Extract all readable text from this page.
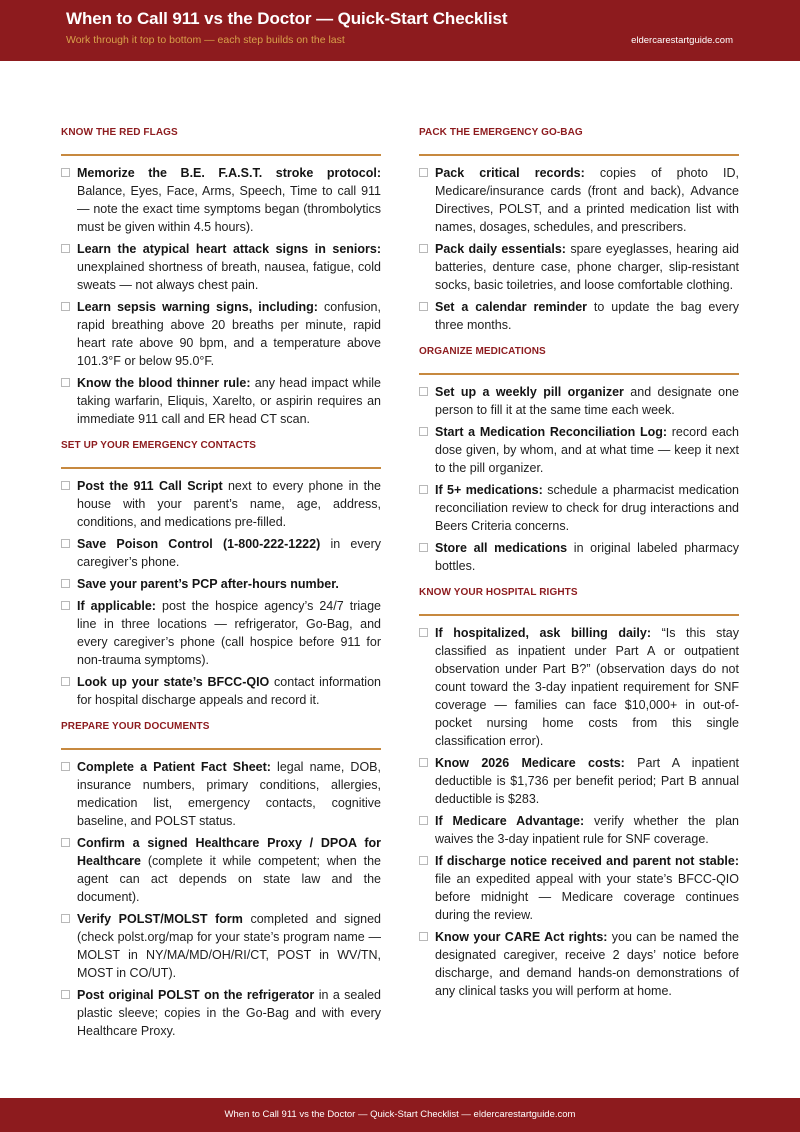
When to Call 911 vs the Doctor — Quick-Start Checklist
Work through it top to bottom — each step builds on the last	eldercarestartguide.com
KNOW THE RED FLAGS
Memorize the B.E. F.A.S.T. stroke protocol: Balance, Eyes, Face, Arms, Speech, Time to call 911 — note the exact time symptoms began (thrombolytics must be given within 4.5 hours).
Learn the atypical heart attack signs in seniors: unexplained shortness of breath, nausea, fatigue, cold sweats — not always chest pain.
Learn sepsis warning signs, including: confusion, rapid breathing above 20 breaths per minute, rapid heart rate above 90 bpm, and a temperature above 101.3°F or below 95.0°F.
Know the blood thinner rule: any head impact while taking warfarin, Eliquis, Xarelto, or aspirin requires an immediate 911 call and ER head CT scan.
SET UP YOUR EMERGENCY CONTACTS
Post the 911 Call Script next to every phone in the house with your parent’s name, age, address, conditions, and medications pre-filled.
Save Poison Control (1-800-222-1222) in every caregiver’s phone.
Save your parent’s PCP after-hours number.
If applicable: post the hospice agency’s 24/7 triage line in three locations — refrigerator, Go-Bag, and every caregiver’s phone (call hospice before 911 for non-trauma symptoms).
Look up your state’s BFCC-QIO contact information for hospital discharge appeals and record it.
PREPARE YOUR DOCUMENTS
Complete a Patient Fact Sheet: legal name, DOB, insurance numbers, primary conditions, allergies, medication list, emergency contacts, cognitive baseline, and POLST status.
Confirm a signed Healthcare Proxy / DPOA for Healthcare (complete it while competent; when the agent can act depends on state law and the document).
Verify POLST/MOLST form completed and signed (check polst.org/map for your state’s program name — MOLST in NY/MA/MD/OH/RI/CT, POST in WV/TN, MOST in CO/UT).
Post original POLST on the refrigerator in a sealed plastic sleeve; copies in the Go-Bag and with every Healthcare Proxy.
PACK THE EMERGENCY GO-BAG
Pack critical records: copies of photo ID, Medicare/insurance cards (front and back), Advance Directives, POLST, and a printed medication list with names, dosages, schedules, and prescribers.
Pack daily essentials: spare eyeglasses, hearing aid batteries, denture case, phone charger, slip-resistant socks, basic toiletries, and loose comfortable clothing.
Set a calendar reminder to update the bag every three months.
ORGANIZE MEDICATIONS
Set up a weekly pill organizer and designate one person to fill it at the same time each week.
Start a Medication Reconciliation Log: record each dose given, by whom, and at what time — keep it next to the pill organizer.
If 5+ medications: schedule a pharmacist medication reconciliation review to check for drug interactions and Beers Criteria concerns.
Store all medications in original labeled pharmacy bottles.
KNOW YOUR HOSPITAL RIGHTS
If hospitalized, ask billing daily: “Is this stay classified as inpatient under Part A or outpatient observation under Part B?” (observation days do not count toward the 3-day inpatient requirement for SNF coverage — families can face $10,000+ in out-of-pocket nursing home costs from this single classification error).
Know 2026 Medicare costs: Part A inpatient deductible is $1,736 per benefit period; Part B annual deductible is $283.
If Medicare Advantage: verify whether the plan waives the 3-day inpatient rule for SNF coverage.
If discharge notice received and parent not stable: file an expedited appeal with your state’s BFCC-QIO before midnight — Medicare coverage continues during the review.
Know your CARE Act rights: you can be named the designated caregiver, receive 2 days’ notice before discharge, and demand hands-on demonstrations of any clinical tasks you will perform at home.
When to Call 911 vs the Doctor — Quick-Start Checklist — eldercarestartguide.com
